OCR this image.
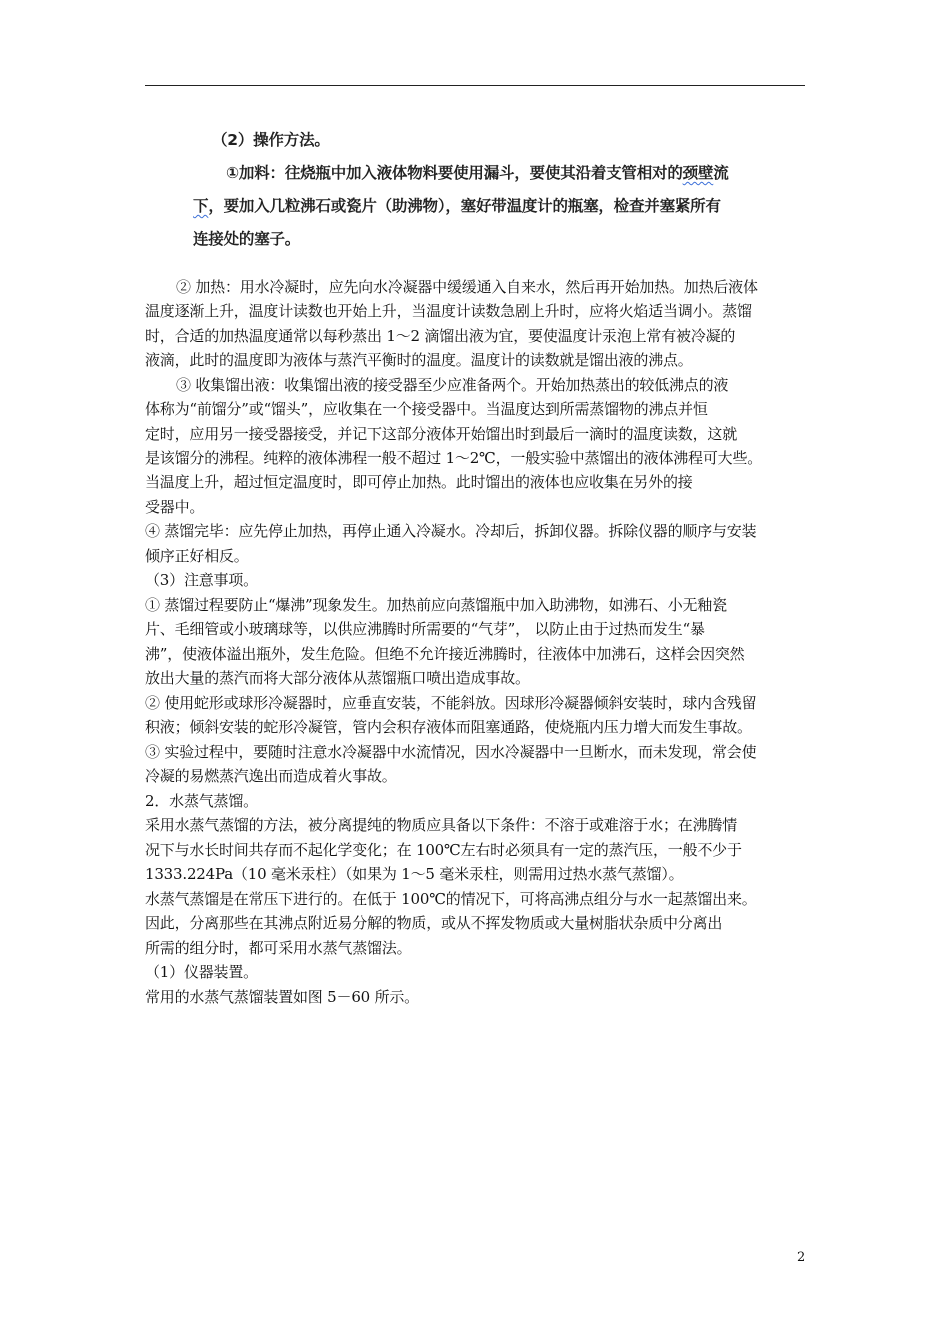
（2）操作方法。
①加料：往烧瓶中加入液体物料要使用漏斗，要使其沿着支管相对的颈壁流
下，要加入几粒沸石或瓷片（助沸物），塞好带温度计的瓶塞，检查并塞紧所有
连接处的塞子。
② 加热：用水冷凝时，应先向水冷凝器中缓缓通入自来水，然后再开始加热。加热后液体
温度逐渐上升，温度计读数也开始上升，当温度计读数急剧上升时，应将火焰适当调小。蒸馏
时，合适的加热温度通常以每秒蒸出 1～2 滴馏出液为宜，要使温度计汞泡上常有被冷凝的
液滴，此时的温度即为液体与蒸汽平衡时的温度。温度计的读数就是馏出液的沸点。
③ 收集馏出液：收集馏出液的接受器至少应准备两个。开始加热蒸出的较低沸点的液
体称为“前馏分”或“馏头”，应收集在一个接受器中。当温度达到所需蒸馏物的沸点并恒
定时，应用另一接受器接受，并记下这部分液体开始馏出时到最后一滴时的温度读数，这就
是该馏分的沸程。纯粹的液体沸程一般不超过 1～2℃，一般实验中蒸馏出的液体沸程可大些。
当温度上升，超过恒定温度时，即可停止加热。此时馏出的液体也应收集在另外的接
受器中。
④ 蒸馏完毕：应先停止加热，再停止通入冷凝水。冷却后，拆卸仪器。拆除仪器的顺序与安装
倾序正好相反。
（3）注意事项。
① 蒸馏过程要防止“爆沸”现象发生。加热前应向蒸馏瓶中加入助沸物，如沸石、小无釉瓷
片、毛细管或小玻璃球等，以供应沸腾时所需要的“气芽”， 以防止由于过热而发生“暴
沸”，使液体溢出瓶外，发生危险。但绝不允许接近沸腾时，往液体中加沸石，这样会因突然
放出大量的蒸汽而将大部分液体从蒸馏瓶口喷出造成事故。
② 使用蛇形或球形冷凝器时，应垂直安装，不能斜放。因球形冷凝器倾斜安装时，球内含残留
积液；倾斜安装的蛇形冷凝管，管内会积存液体而阻塞通路，使烧瓶内压力增大而发生事故。
③ 实验过程中，要随时注意水冷凝器中水流情况，因水冷凝器中一旦断水，而未发现，常会使
冷凝的易燃蒸汽逸出而造成着火事故。
2．水蒸气蒸馏。
采用水蒸气蒸馏的方法，被分离提纯的物质应具备以下条件：不溶于或难溶于水；在沸腾情
况下与水长时间共存而不起化学变化；在 100℃左右时必须具有一定的蒸汽压，一般不少于
1333.224Pa（10 毫米汞柱）（如果为 1～5 毫米汞柱，则需用过热水蒸气蒸馏）。
水蒸气蒸馏是在常压下进行的。在低于 100℃的情况下，可将高沸点组分与水一起蒸馏出来。
因此，分离那些在其沸点附近易分解的物质，或从不挥发物质或大量树脂状杂质中分离出
所需的组分时，都可采用水蒸气蒸馏法。
（1）仪器装置。
常用的水蒸气蒸馏装置如图 5－60 所示。
2
